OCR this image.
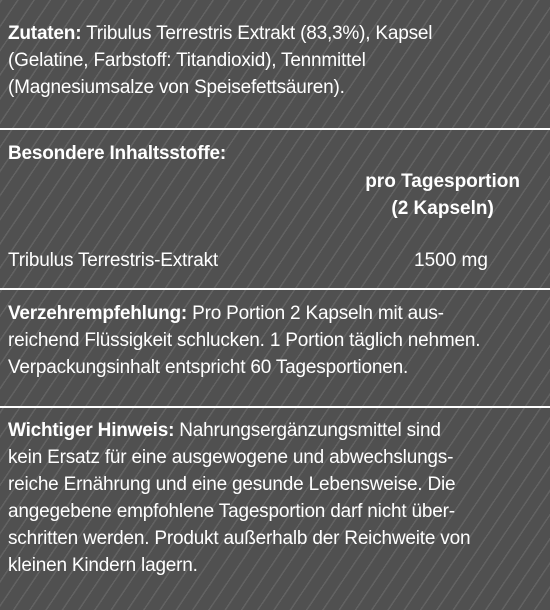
Zutaten: Tribulus Terrestris Extrakt (83,3%), Kapsel
(Gelatine, Farbstoff: Titandioxid), Tennmittel
(Magnesiumsalze von Speisefettsäuren).
Besondere Inhaltsstoffe:
pro Tagesportion
(2 Kapseln)
Tribulus Terrestris-Extrakt	1500 mg
Verzehrempfehlung: Pro Portion 2 Kapseln mit aus-
reichend Flüssigkeit schlucken. 1 Portion täglich nehmen.
Verpackungsinhalt entspricht 60 Tagesportionen.
Wichtiger Hinweis: Nahrungsergänzungsmittel sind
kein Ersatz für eine ausgewogene und abwechslungs-
reiche Ernährung und eine gesunde Lebensweise. Die
angegebene empfohlene Tagesportion darf nicht über-
schritten werden. Produkt außerhalb der Reichweite von
kleinen Kindern lagern.
